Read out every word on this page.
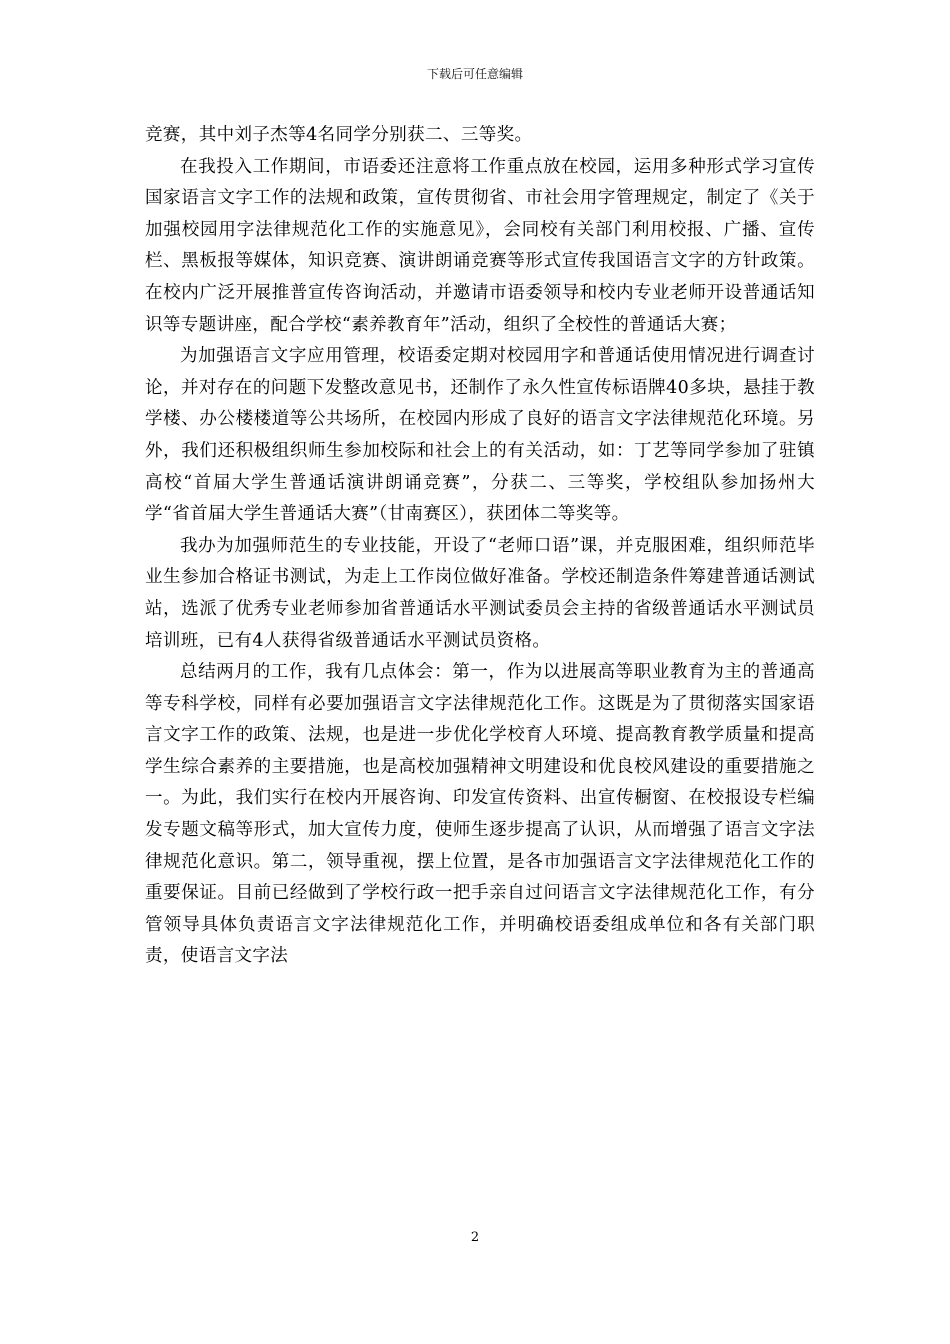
下载后可任意编辑

竞赛，其中刘子杰等4名同学分别获二、三等奖。

在我投入工作期间，市语委还注意将工作重点放在校园，运用多种形式学习宣传国家语言文字工作的法规和政策，宣传贯彻省、市社会用字管理规定，制定了《关于加强校园用字法律规范化工作的实施意见》，会同校有关部门利用校报、广播、宣传栏、黑板报等媒体，知识竞赛、演讲朗诵竞赛等形式宣传我国语言文字的方针政策。在校内广泛开展推普宣传咨询活动，并邀请市语委领导和校内专业老师开设普通话知识等专题讲座，配合学校“素养教育年”活动，组织了全校性的普通话大赛；

为加强语言文字应用管理，校语委定期对校园用字和普通话使用情况进行调查讨论，并对存在的问题下发整改意见书，还制作了永久性宣传标语牌40多块，悬挂于教学楼、办公楼楼道等公共场所，在校园内形成了良好的语言文字法律规范化环境。另外，我们还积极组织师生参加校际和社会上的有关活动，如：丁艺等同学参加了驻镇高校“首届大学生普通话演讲朗诵竞赛”，分获二、三等奖，学校组队参加扬州大学“省首届大学生普通话大赛”（甘南赛区），获团体二等奖等。

我办为加强师范生的专业技能，开设了“老师口语”课，并克服困难，组织师范毕业生参加合格证书测试，为走上工作岗位做好准备。学校还制造条件筹建普通话测试站，选派了优秀专业老师参加省普通话水平测试委员会主持的省级普通话水平测试员培训班，已有4人获得省级普通话水平测试员资格。

总结两月的工作，我有几点体会：第一，作为以进展高等职业教育为主的普通高等专科学校，同样有必要加强语言文字法律规范化工作。这既是为了贯彻落实国家语言文字工作的政策、法规，也是进一步优化学校育人环境、提高教育教学质量和提高学生综合素养的主要措施，也是高校加强精神文明建设和优良校风建设的重要措施之一。为此，我们实行在校内开展咨询、印发宣传资料、出宣传橱窗、在校报设专栏编发专题文稿等形式，加大宣传力度，使师生逐步提高了认识，从而增强了语言文字法律规范化意识。第二，领导重视，摆上位置，是各市加强语言文字法律规范化工作的重要保证。目前已经做到了学校行政一把手亲自过问语言文字法律规范化工作，有分管领导具体负责语言文字法律规范化工作，并明确校语委组成单位和各有关部门职责，使语言文字法

2
